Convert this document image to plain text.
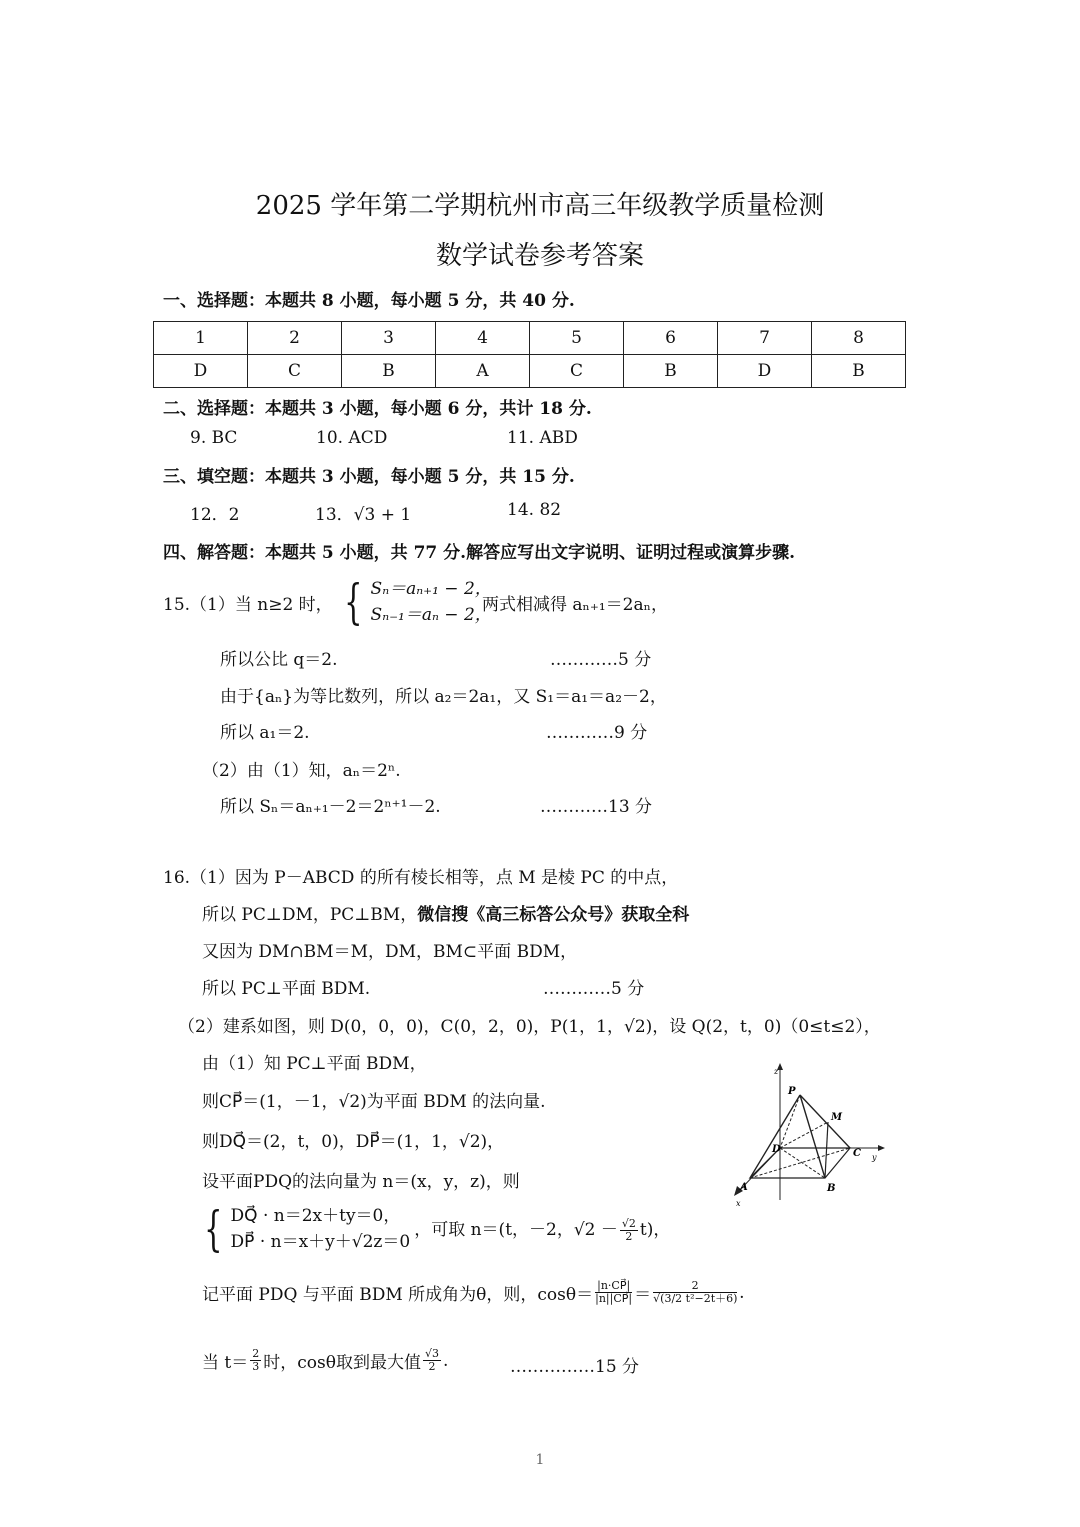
2025 学年第二学期杭州市高三年级教学质量检测
数学试卷参考答案
一、选择题：本题共 8 小题，每小题 5 分，共 40 分.
1	2	3	4	5	6	7	8
D	C	B	A	C	B	D	B
二、选择题：本题共 3 小题，每小题 6 分，共计 18 分.
9. BC	10. ACD	11. ABD
三、填空题：本题共 3 小题，每小题 5 分，共 15 分.
12．2	13．√3 + 1	14. 82
四、解答题：本题共 5 小题，共 77 分.解答应写出文字说明、证明过程或演算步骤.
15.（1）当 n≥2 时， { Sₙ＝aₙ₊₁ − 2，
Sₙ₋₁＝aₙ − 2，
两式相减得 aₙ₊₁＝2aₙ，
所以公比 q＝2.	…………5 分
由于{aₙ}为等比数列，所以 a₂＝2a₁，又 S₁＝a₁＝a₂－2，
所以 a₁＝2.	…………9 分
（2）由（1）知，aₙ＝2ⁿ.
所以 Sₙ＝aₙ₊₁－2＝2ⁿ⁺¹－2.	…………13 分
16.（1）因为 P－ABCD 的所有棱长相等，点 M 是棱 PC 的中点，
所以 PC⊥DM，PC⊥BM，微信搜《高三标答公众号》获取全科
又因为 DM∩BM＝M，DM，BM⊂平面 BDM，
所以 PC⊥平面 BDM.	…………5 分
（2）建系如图，则 D(0，0，0)，C(0，2，0)，P(1，1，√2)，设 Q(2，t，0)（0≤t≤2），
由（1）知 PC⊥平面 BDM，
则CP⃗＝(1，－1，√2)为平面 BDM 的法向量.
则DQ⃗＝(2，t，0)，DP⃗＝(1，1，√2)，
设平面PDQ的法向量为 n＝(x，y，z)，则
{ DQ⃗ · n＝2x＋ty＝0，
DP⃗ · n＝x＋y＋√2z＝0
，可取 n＝(t，－2，$√2 - \frac{√2}{2} t$)，
记平面 PDQ 与平面 BDM 所成角为θ，则，$\cos\theta= \frac{|n\cdot CP⃗|}{|n||CP⃗|} = \frac{2}{\text{√(3/2 t²−2t＋6)}}$ .
当 $t= \frac{2}{3}$ 时，cosθ取到最大值 $\frac{√3}{2}$ .	……………15 分
P
M
D	C
A	B
z
y
x
1
